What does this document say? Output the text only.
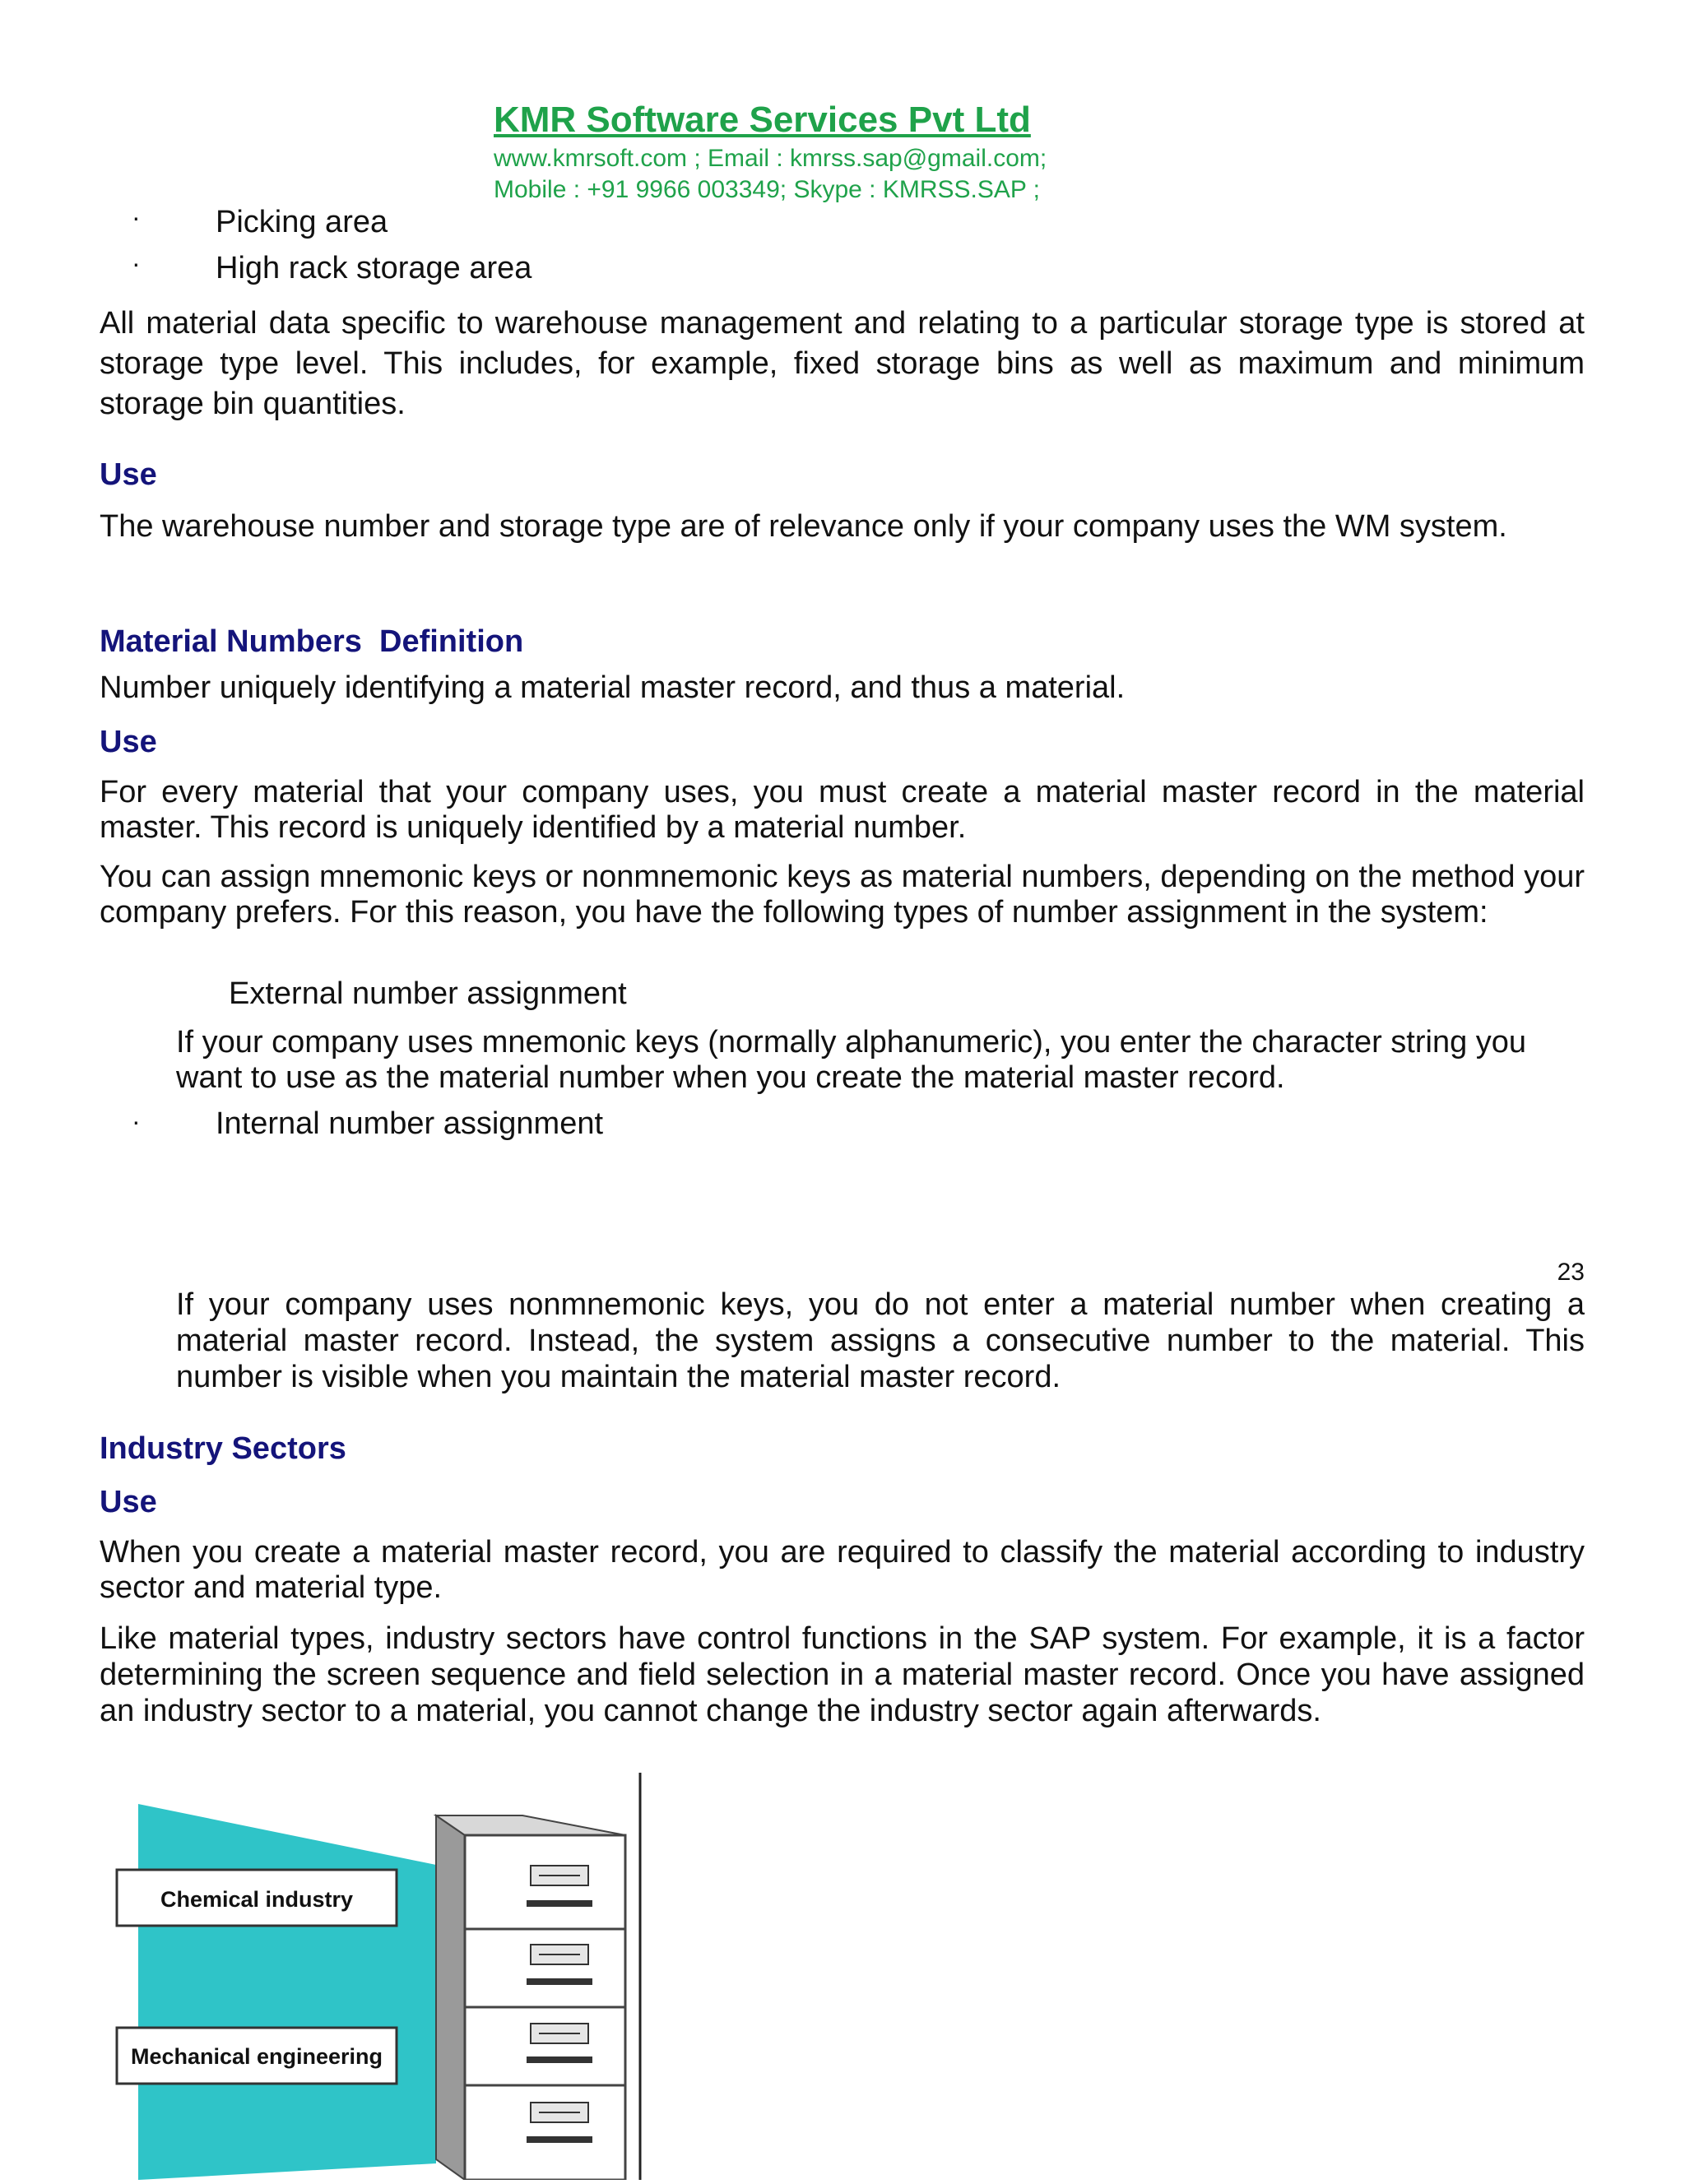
KMR Software Services Pvt Ltd

www.kmrsoft.com ; Email : kmrss.sap@gmail.com;

Mobile : +91 9966 003349; Skype : KMRSS.SAP ;

· Picking area
· High rack storage area

All material data specific to warehouse management and relating to a particular storage type is stored at storage type level. This includes, for example, fixed storage bins as well as maximum and minimum storage bin quantities.

Use

The warehouse number and storage type are of relevance only if your company uses the WM system.

Material Numbers  Definition

Number uniquely identifying a material master record, and thus a material.

Use

For every material that your company uses, you must create a material master record in the material master. This record is uniquely identified by a material number.

You can assign mnemonic keys or nonmnemonic keys as material numbers, depending on the method your company prefers. For this reason, you have the following types of number assignment in the system:

External number assignment

If your company uses mnemonic keys (normally alphanumeric), you enter the character string you want to use as the material number when you create the material master record.

· Internal number assignment

23

If your company uses nonmnemonic keys, you do not enter a material number when creating a material master record. Instead, the system assigns a consecutive number to the material. This number is visible when you maintain the material master record.

Industry Sectors

Use

When you create a material master record, you are required to classify the material according to industry sector and material type.

Like material types, industry sectors have control functions in the SAP system. For example, it is a factor determining the screen sequence and field selection in a material master record. Once you have assigned an industry sector to a material, you cannot change the industry sector again afterwards.

Chemical industry
Mechanical engineering
